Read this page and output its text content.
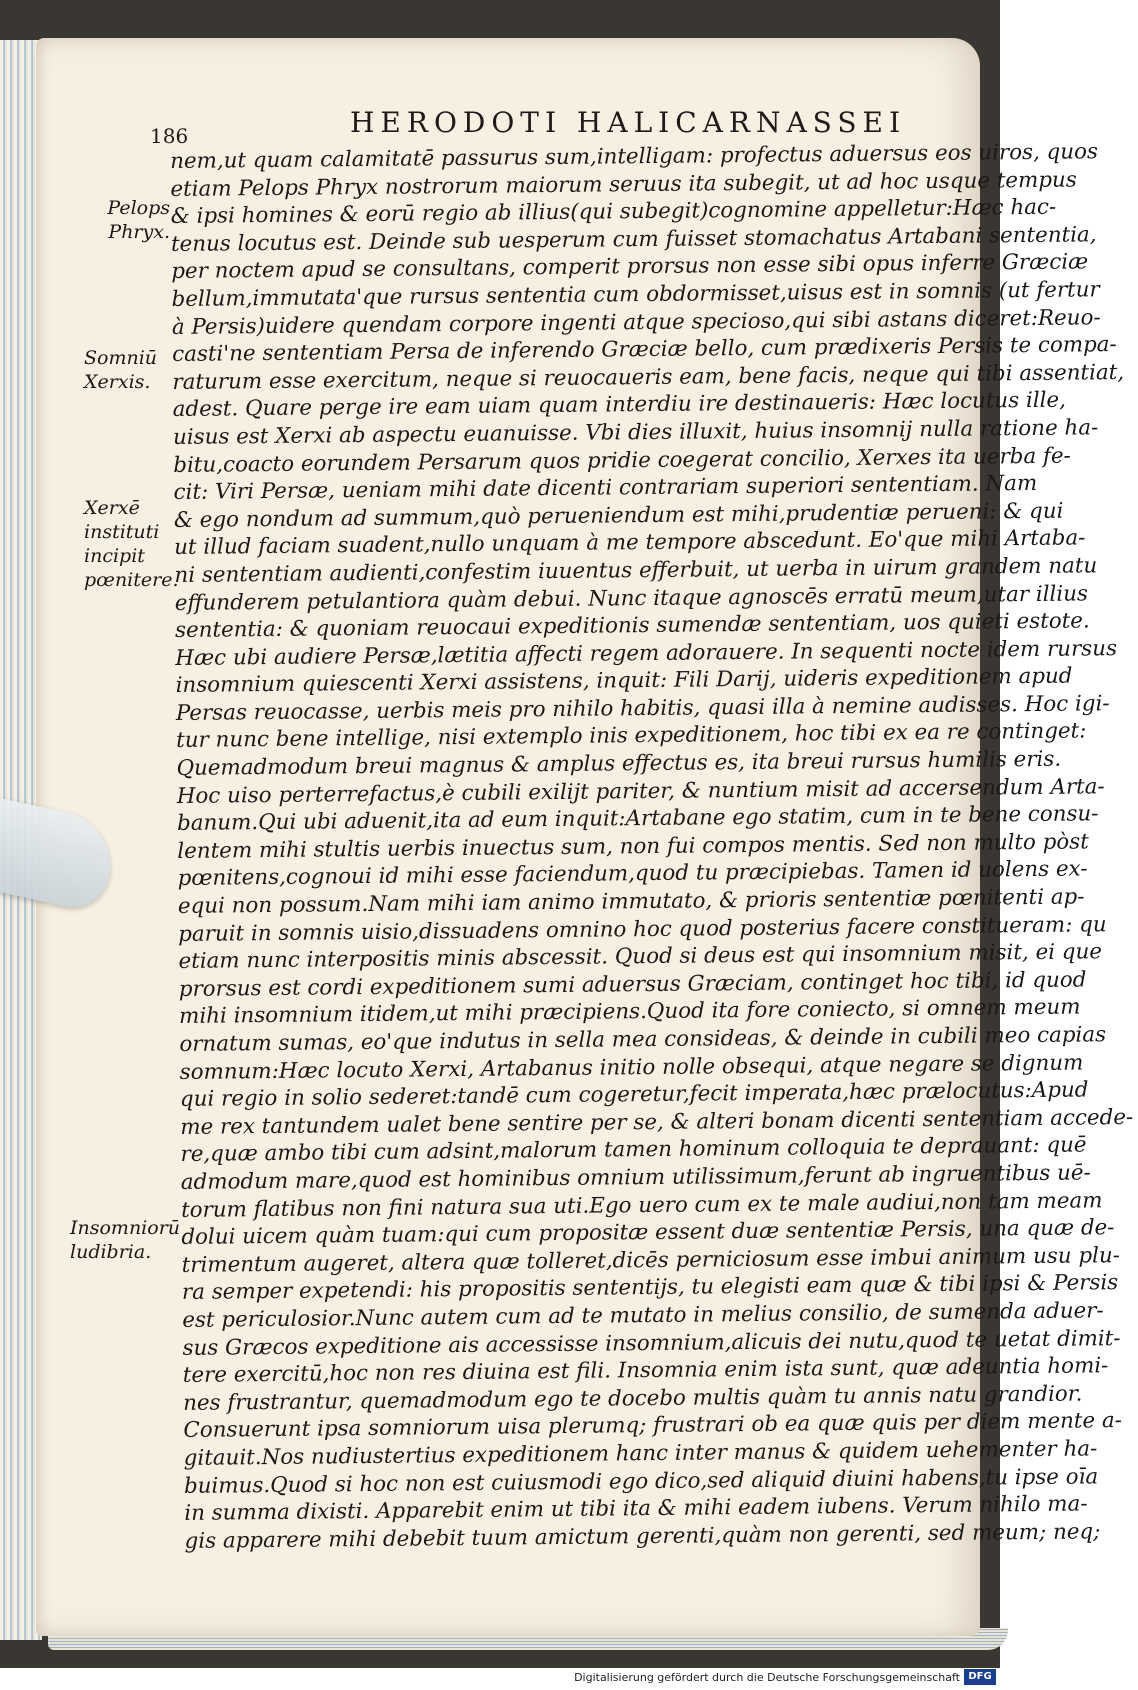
186	HERODOTI HALICARNASSEI
Pelops Phryx.
Somniū Xerxis.
Xerxē instituti incipit pœnitere.
Insomniorū ludibria.
nem,ut quam calamitatē passurus sum,intelligam: profectus aduersus eos uiros, quos
etiam Pelops Phryx nostrorum maiorum seruus ita subegit, ut ad hoc usque tempus
& ipsi homines & eorū regio ab illius(qui subegit)cognomine appelletur:Hæc hac-
tenus locutus est. Deinde sub uesperum cum fuisset stomachatus Artabani sententia,
per noctem apud se consultans, comperit prorsus non esse sibi opus inferre Græciæ
bellum,immutata'que rursus sententia cum obdormisset,uisus est in somnis (ut fertur
à Persis)uidere quendam corpore ingenti atque specioso,qui sibi astans diceret:Reuo-
casti'ne sententiam Persa de inferendo Græciæ bello, cum prædixeris Persis te compa-
raturum esse exercitum, neque si reuocaueris eam, bene facis, neque qui tibi assentiat,
adest. Quare perge ire eam uiam quam interdiu ire destinaueris: Hæc locutus ille,
uisus est Xerxi ab aspectu euanuisse. Vbi dies illuxit, huius insomnij nulla ratione ha-
bitu,coacto eorundem Persarum quos pridie coegerat concilio, Xerxes ita uerba fe-
cit: Viri Persæ, ueniam mihi date dicenti contrariam superiori sententiam. Nam
& ego nondum ad summum,quò perueniendum est mihi,prudentiæ perueni: & qui
ut illud faciam suadent,nullo unquam à me tempore abscedunt. Eo'que mihi Artaba-
ni sententiam audienti,confestim iuuentus efferbuit, ut uerba in uirum grandem natu
effunderem petulantiora quàm debui. Nunc itaque agnoscēs erratū meum,utar illius
sententia: & quoniam reuocaui expeditionis sumendæ sententiam, uos quieti estote.
Hæc ubi audiere Persæ,lætitia affecti regem adorauere. In sequenti nocte idem rursus
insomnium quiescenti Xerxi assistens, inquit: Fili Darij, uideris expeditionem apud
Persas reuocasse, uerbis meis pro nihilo habitis, quasi illa à nemine audisses. Hoc igi-
tur nunc bene intellige, nisi extemplo inis expeditionem, hoc tibi ex ea re continget:
Quemadmodum breui magnus & amplus effectus es, ita breui rursus humilis eris.
Hoc uiso perterrefactus,è cubili exilijt pariter, & nuntium misit ad accersendum Arta-
banum.Qui ubi aduenit,ita ad eum inquit:Artabane ego statim, cum in te bene consu-
lentem mihi stultis uerbis inuectus sum, non fui compos mentis. Sed non multo pòst
pœnitens,cognoui id mihi esse faciendum,quod tu præcipiebas. Tamen id uolens ex-
equi non possum.Nam mihi iam animo immutato, & prioris sententiæ pœnitenti ap-
paruit in somnis uisio,dissuadens omnino hoc quod posterius facere constitueram: qu
etiam nunc interpositis minis abscessit. Quod si deus est qui insomnium misit, ei que
prorsus est cordi expeditionem sumi aduersus Græciam, continget hoc tibi, id quod
mihi insomnium itidem,ut mihi præcipiens.Quod ita fore coniecto, si omnem meum
ornatum sumas, eo'que indutus in sella mea consideas, & deinde in cubili meo capias
somnum:Hæc locuto Xerxi, Artabanus initio nolle obsequi, atque negare se dignum
qui regio in solio sederet:tandē cum cogeretur,fecit imperata,hæc prælocutus:Apud
me rex tantundem ualet bene sentire per se, & alteri bonam dicenti sententiam accede-
re,quæ ambo tibi cum adsint,malorum tamen hominum colloquia te deprauant: quē
admodum mare,quod est hominibus omnium utilissimum,ferunt ab ingruentibus uē-
torum flatibus non fini natura sua uti.Ego uero cum ex te male audiui,non tam meam
dolui uicem quàm tuam:qui cum propositæ essent duæ sententiæ Persis, una quæ de-
trimentum augeret, altera quæ tolleret,dicēs perniciosum esse imbui animum usu plu-
ra semper expetendi: his propositis sententijs, tu elegisti eam quæ & tibi ipsi & Persis
est periculosior.Nunc autem cum ad te mutato in melius consilio, de sumenda aduer-
sus Græcos expeditione ais accessisse insomnium,alicuis dei nutu,quod te uetat dimit-
tere exercitū,hoc non res diuina est fili. Insomnia enim ista sunt, quæ adeuntia homi-
nes frustrantur, quemadmodum ego te docebo multis quàm tu annis natu grandior.
Consuerunt ipsa somniorum uisa plerumq; frustrari ob ea quæ quis per diem mente a-
gitauit.Nos nudiustertius expeditionem hanc inter manus & quidem uehementer ha-
buimus.Quod si hoc non est cuiusmodi ego dico,sed aliquid diuini habens,tu ipse oīa
in summa dixisti. Apparebit enim ut tibi ita & mihi eadem iubens. Verum nihilo ma-
gis apparere mihi debebit tuum amictum gerenti,quàm non gerenti, sed meum; neq;
Digitalisierung gefördert durch die Deutsche Forschungsgemeinschaft DFG
